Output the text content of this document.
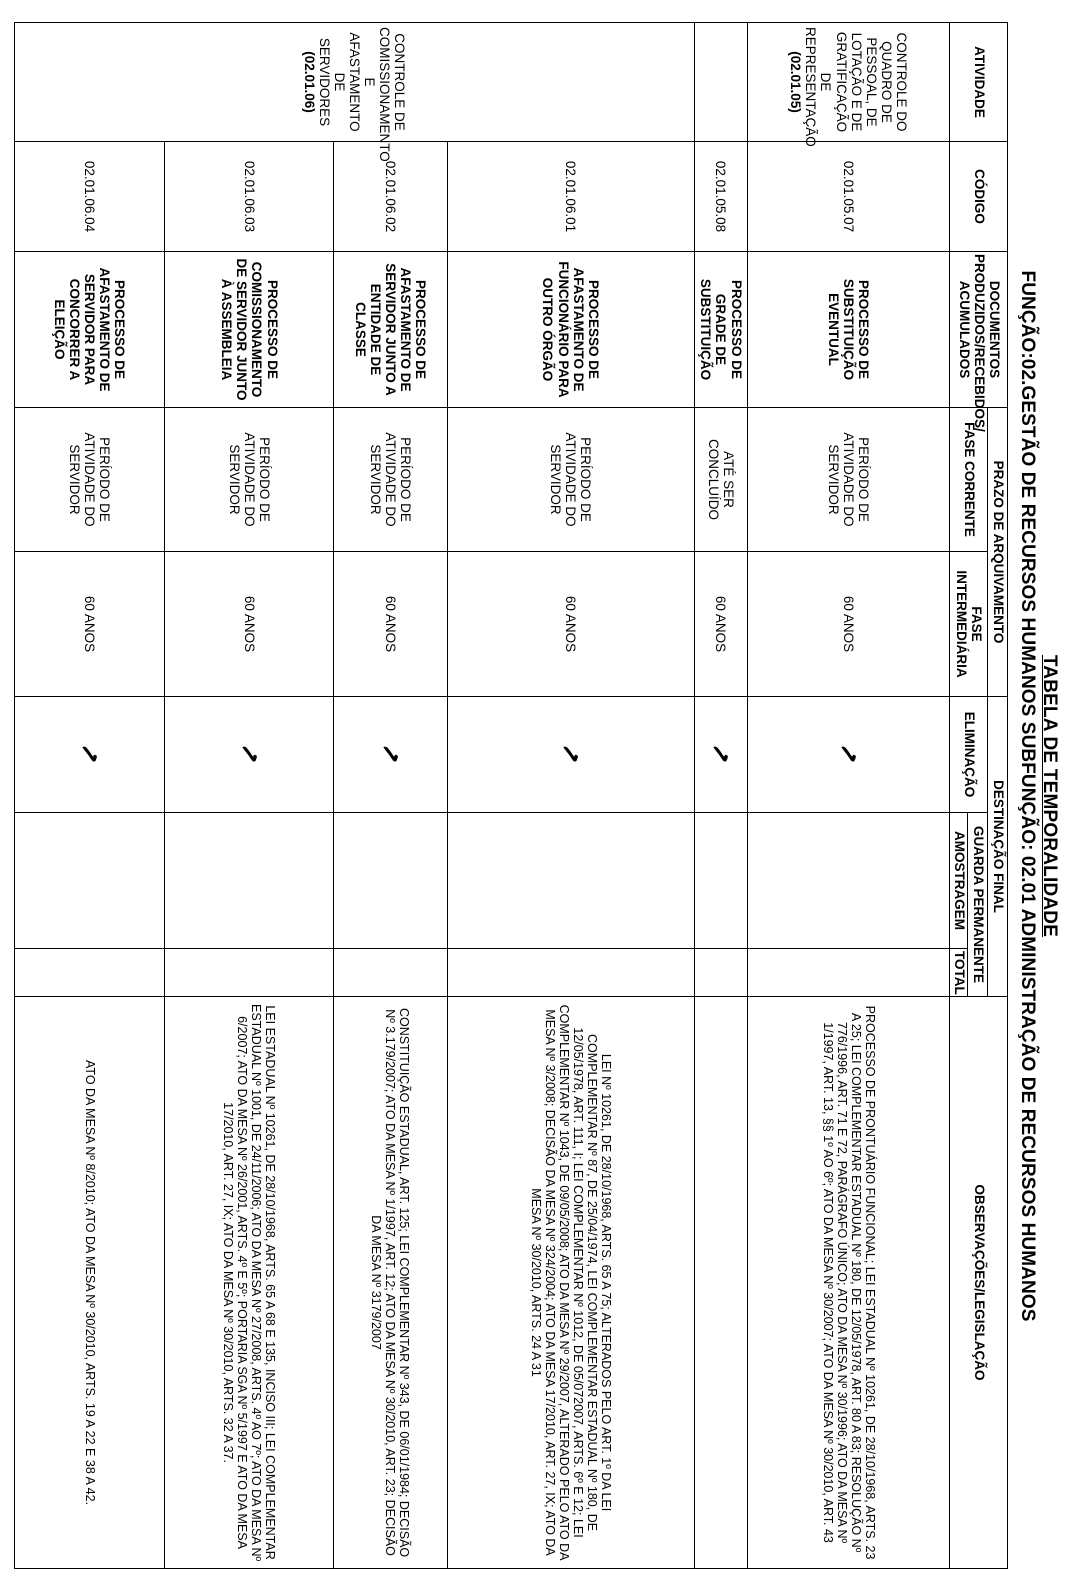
TABELA DE TEMPORALIDADE
FUNÇÃO:02.GESTÃO DE RECURSOS HUMANOS SUBFUNÇÃO: 02.01 ADMINISTRAÇÃO DE RECURSOS HUMANOS
ATIVIDADE	CÓDIGO	DOCUMENTOS PRODUZIDOS/RECEBIDOS/ ACUMULADOS	PRAZO DE ARQUIVAMENTO		DESTINAÇÃO FINAL			OBSERVAÇÕES/LEGISLAÇÃO
			FASE CORRENTE	FASE INTERMEDIÁRIA	ELIMINAÇÃO	GUARDA PERMANENTE		
						AMOSTRAGEM	TOTAL	
CONTROLE DO QUADRO DE PESSOAL, DE LOTAÇÃO E DE GRATIFICAÇÃO DE REPRESENTAÇÃO
(02.01.05)	02.01.05.07	PROCESSO DE SUBSTITUIÇÃO EVENTUAL	PERÍODO DE ATIVIDADE DO SERVIDOR	60 ANOS	✓			PROCESSO DE PRONTUÁRIO FUNCIONAL; LEI ESTADUAL Nº 10261, DE 28/10/1968, ARTS. 23 A 25; LEI COMPLEMENTAR ESTADUAL Nº 180, DE 12/05/1978, ART. 80 A 83; RESOLUÇÃO Nº 776/1996, ART. 71 E 72, PARÁGRAFO ÚNICO; ATO DA MESA Nº 30/1996; ATO DA MESA Nº 1/1997, ART. 13, §§ 1º AO 6º; ATO DA MESA Nº 30/2007; ATO DA MESA Nº 30/2010, ART. 43
	02.01.05.08	PROCESSO DE GRADE DE SUBSTITUIÇÃO	ATÉ SER CONCLUÍDO	60 ANOS	✓			
CONTROLE DE COMISSIONAMENTO E AFASTAMENTO DE SERVIDORES
(02.01.06)	02.01.06.01	PROCESSO DE AFASTAMENTO DE FUNCIONÁRIO PARA OUTRO ÓRGÃO	PERÍODO DE ATIVIDADE DO SERVIDOR	60 ANOS	✓			LEI Nº 10261, DE 28/10/1968, ARTS. 65 A 75; ALTERADOS PELO ART. 1º DA LEI COMPLEMENTAR Nº 87, DE 25/04/1974, LEI COMPLEMENTAR ESTADUAL Nº 180, DE 12/05/1978, ART. 111, I; LEI COMPLEMENTAR Nº 1012, DE 05/072007, ARTS. 6º E 12; LEI COMPLEMENTAR Nº 1043, DE 09/05/2008; ATO DA MESA Nº 29/2007, ALTERADO PELO ATO DA MESA Nº 3/2008; DECISÃO DA MESA Nº 324/2004; ATO DA MESA 17/2010, ART. 27, IX; ATO DA MESA Nº 30/2010, ARTS. 24 A 31
	02.01.06.02	PROCESSO DE AFASTAMENTO DE SERVIDOR JUNTO A ENTIDADE DE CLASSE	PERÍODO DE ATIVIDADE DO SERVIDOR	60 ANOS	✓			CONSTITUIÇÃO ESTADUAL, ART. 125; LEI COMPLEMENTAR Nº 343, DE 06/01/1984; DECISÃO Nº 3.179/2007; ATO DA MESA Nº 1/1997, ART. 12; ATO DA MESA Nº 30/2010, ART. 23; DECISÃO DA MESA Nº 3179/2007
	02.01.06.03	PROCESSO DE COMISSIONAMENTO DE SERVIDOR JUNTO À ASSEMBLEIA	PERÍODO DE ATIVIDADE DO SERVIDOR	60 ANOS	✓			LEI ESTADUAL Nº 10261, DE 28/10/1968, ARTS. 65 A 68 E 135, INCISO III; LEI COMPLEMENTAR ESTADUAL Nº 1001, DE 24/11/2006; ATO DA MESA Nº 27/2008, ARTS. 4º AO 7º; ATO DA MESA Nº 6/2007; ATO DA MESA Nº 26/2001, ARTS. 4º E 5º; PORTARIA SGA Nº 5/1997 E ATO DA MESA 17/2010, ART. 27, IX; ATO DA MESA Nº 30/2010, ARTS. 32 A 37.
	02.01.06.04	PROCESSO DE AFASTAMENTO DE SERVIDOR PARA CONCORRER A ELEIÇÃO	PERÍODO DE ATIVIDADE DO SERVIDOR	60 ANOS	✓			ATO DA MESA Nº 8/2010; ATO DA MESA Nº 30/2010, ARTS. 19 A 22 E 38 A 42.
